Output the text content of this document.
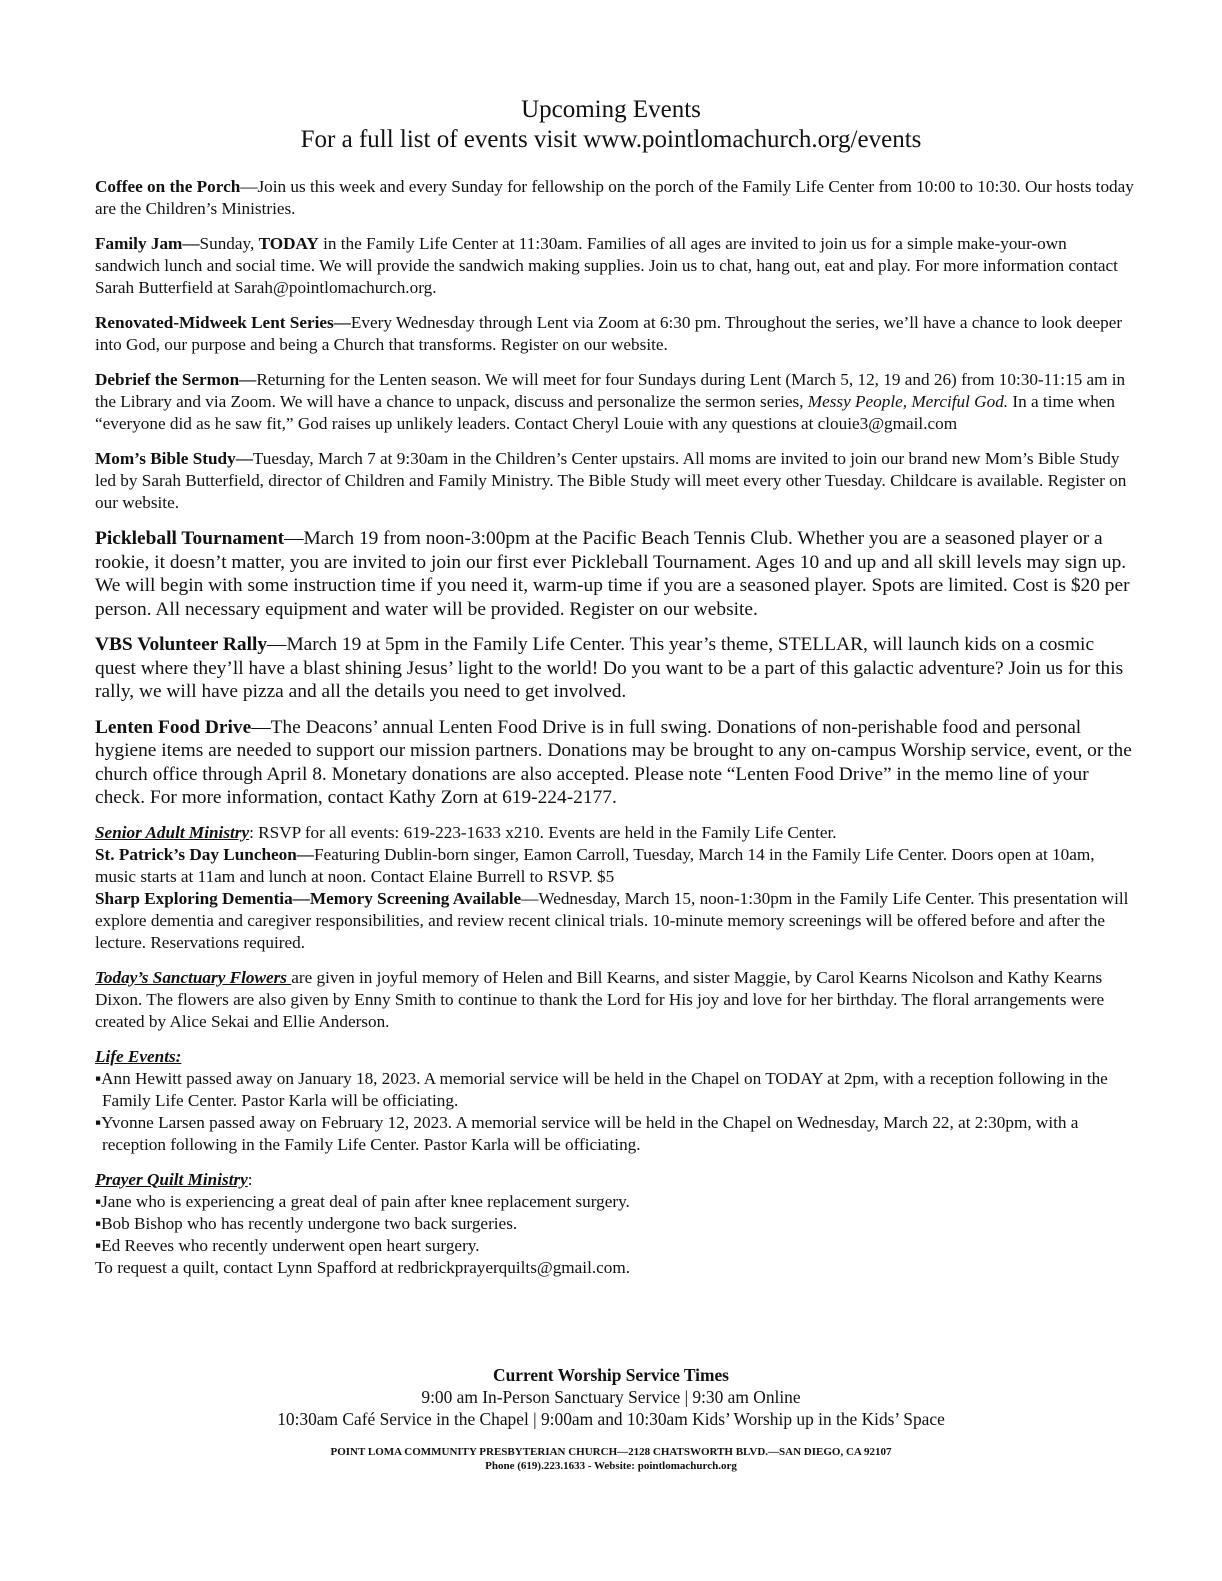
Upcoming Events
For a full list of events visit www.pointlomachurch.org/events

Coffee on the Porch—Join us this week and every Sunday for fellowship on the porch of the Family Life Center from 10:00 to 10:30. Our hosts today are the Children’s Ministries.

Family Jam—Sunday, TODAY in the Family Life Center at 11:30am. Families of all ages are invited to join us for a simple make-your-own sandwich lunch and social time. We will provide the sandwich making supplies. Join us to chat, hang out, eat and play. For more information contact Sarah Butterfield at Sarah@pointlomachurch.org.

Renovated-Midweek Lent Series—Every Wednesday through Lent via Zoom at 6:30 pm. Throughout the series, we’ll have a chance to look deeper into God, our purpose and being a Church that transforms. Register on our website.

Debrief the Sermon—Returning for the Lenten season. We will meet for four Sundays during Lent (March 5, 12, 19 and 26) from 10:30-11:15 am in the Library and via Zoom. We will have a chance to unpack, discuss and personalize the sermon series, Messy People, Merciful God. In a time when “everyone did as he saw fit,” God raises up unlikely leaders. Contact Cheryl Louie with any questions at clouie3@gmail.com

Mom’s Bible Study—Tuesday, March 7 at 9:30am in the Children’s Center upstairs. All moms are invited to join our brand new Mom’s Bible Study led by Sarah Butterfield, director of Children and Family Ministry. The Bible Study will meet every other Tuesday. Childcare is available. Register on our website.

Pickleball Tournament—March 19 from noon-3:00pm at the Pacific Beach Tennis Club. Whether you are a seasoned player or a rookie, it doesn’t matter, you are invited to join our first ever Pickleball Tournament. Ages 10 and up and all skill levels may sign up. We will begin with some instruction time if you need it, warm-up time if you are a seasoned player. Spots are limited. Cost is $20 per person. All necessary equipment and water will be provided. Register on our website.

VBS Volunteer Rally—March 19 at 5pm in the Family Life Center. This year’s theme, STELLAR, will launch kids on a cosmic quest where they’ll have a blast shining Jesus’ light to the world! Do you want to be a part of this galactic adventure? Join us for this rally, we will have pizza and all the details you need to get involved.

Lenten Food Drive—The Deacons’ annual Lenten Food Drive is in full swing. Donations of non-perishable food and personal hygiene items are needed to support our mission partners. Donations may be brought to any on-campus Worship service, event, or the church office through April 8. Monetary donations are also accepted. Please note “Lenten Food Drive” in the memo line of your check. For more information, contact Kathy Zorn at 619-224-2177.

Senior Adult Ministry: RSVP for all events: 619-223-1633 x210. Events are held in the Family Life Center.
St. Patrick’s Day Luncheon—Featuring Dublin-born singer, Eamon Carroll, Tuesday, March 14 in the Family Life Center. Doors open at 10am, music starts at 11am and lunch at noon. Contact Elaine Burrell to RSVP. $5
Sharp Exploring Dementia—Memory Screening Available—Wednesday, March 15, noon-1:30pm in the Family Life Center. This presentation will explore dementia and caregiver responsibilities, and review recent clinical trials. 10-minute memory screenings will be offered before and after the lecture. Reservations required.

Today’s Sanctuary Flowers are given in joyful memory of Helen and Bill Kearns, and sister Maggie, by Carol Kearns Nicolson and Kathy Kearns Dixon. The flowers are also given by Enny Smith to continue to thank the Lord for His joy and love for her birthday. The floral arrangements were created by Alice Sekai and Ellie Anderson.

Life Events:
▪Ann Hewitt passed away on January 18, 2023. A memorial service will be held in the Chapel on TODAY at 2pm, with a reception following in the Family Life Center. Pastor Karla will be officiating.
▪Yvonne Larsen passed away on February 12, 2023. A memorial service will be held in the Chapel on Wednesday, March 22, at 2:30pm, with a reception following in the Family Life Center. Pastor Karla will be officiating.
Prayer Quilt Ministry:
▪Jane who is experiencing a great deal of pain after knee replacement surgery.
▪Bob Bishop who has recently undergone two back surgeries.
▪Ed Reeves who recently underwent open heart surgery.
To request a quilt, contact Lynn Spafford at redbrickprayerquilts@gmail.com.
Current Worship Service Times
9:00 am In-Person Sanctuary Service | 9:30 am Online
10:30am Café Service in the Chapel | 9:00am and 10:30am Kids’ Worship up in the Kids’ Space
POINT LOMA COMMUNITY PRESBYTERIAN CHURCH—2128 CHATSWORTH BLVD.—SAN DIEGO, CA 92107
Phone (619).223.1633 - Website: pointlomachurch.org
